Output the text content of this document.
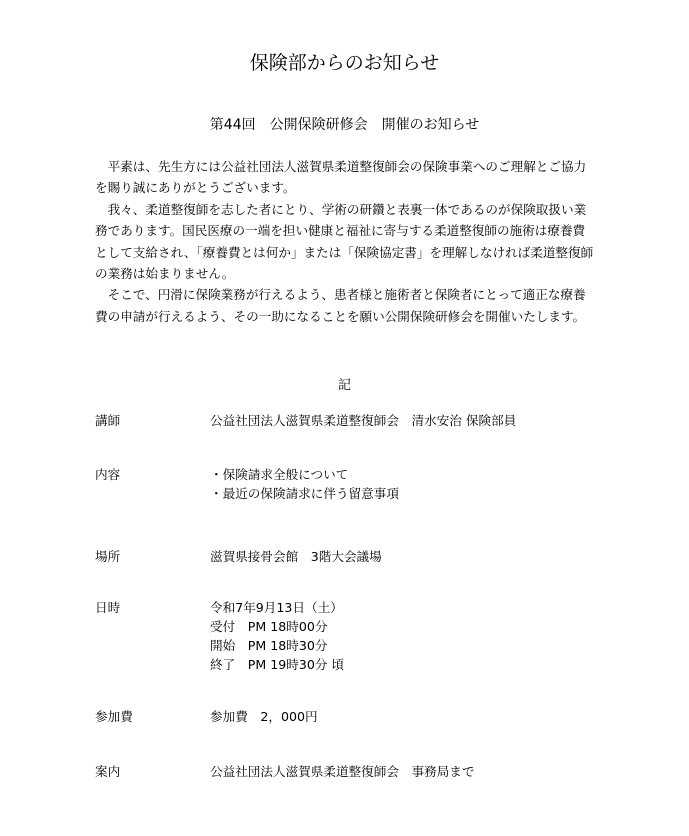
保険部からのお知らせ
第44回　公開保険研修会　開催のお知らせ

平素は、先生方には公益社団法人滋賀県柔道整復師会の保険事業へのご理解とご協力を賜り誠にありがとうございます。

我々、柔道整復師を志した者にとり、学術の研鑽と表裏一体であるのが保険取扱い業務であります。国民医療の一端を担い健康と福祉に寄与する柔道整復師の施術は療養費として支給され、「療養費とは何か」または「保険協定書」を理解しなければ柔道整復師の業務は始まりません。

そこで、円滑に保険業務が行えるよう、患者様と施術者と保険者にとって適正な療養費の申請が行えるよう、その一助になることを願い公開保険研修会を開催いたします。

記
講師	公益社団法人滋賀県柔道整復師会　清水安治 保険部員
内容	・保険請求全般について
・最近の保険請求に伴う留意事項
場所	滋賀県接骨会館　3階大会議場
日時	令和7年9月13日（土）
受付　PM 18時00分
開始　PM 18時30分
終了　PM 19時30分 頃
参加費	参加費　2，000円
案内	公益社団法人滋賀県柔道整復師会　事務局まで
